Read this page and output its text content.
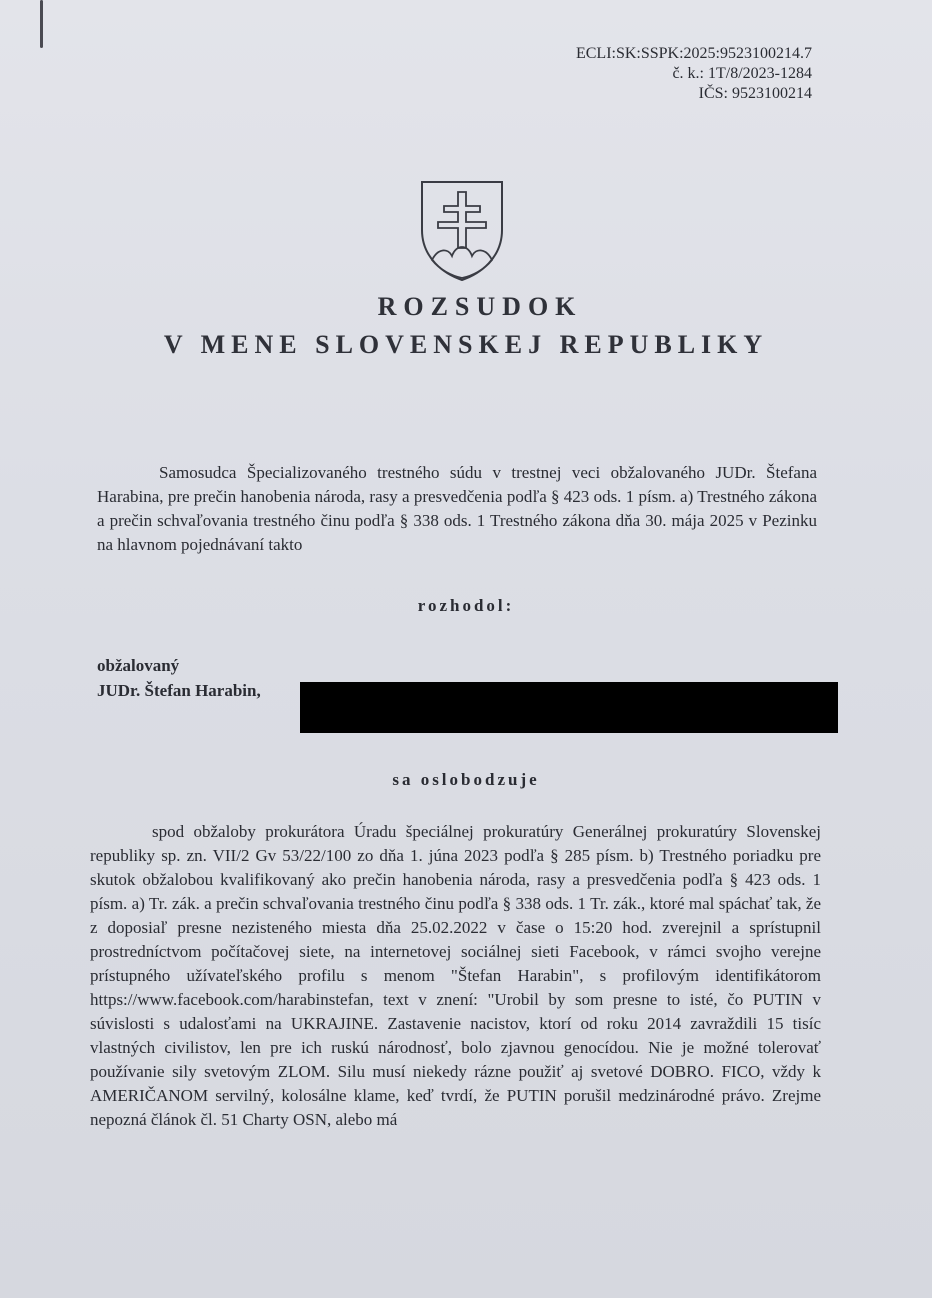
ECLI:SK:SSPK:2025:9523100214.7
č. k.: 1T/8/2023-1284
IČS: 9523100214
ROZSUDOK
V MENE SLOVENSKEJ REPUBLIKY
Samosudca Špecializovaného trestného súdu v trestnej veci obžalovaného JUDr. Štefana Harabina, pre prečin hanobenia národa, rasy a presvedčenia podľa § 423 ods. 1 písm. a) Trestného zákona a prečin schvaľovania trestného činu podľa § 338 ods. 1 Trestného zákona dňa 30. mája 2025 v Pezinku na hlavnom pojednávaní takto
rozhodol:
obžalovaný
JUDr. Štefan Harabin,
sa oslobodzuje
spod obžaloby prokurátora Úradu špeciálnej prokuratúry Generálnej prokuratúry Slovenskej republiky sp. zn. VII/2 Gv 53/22/100 zo dňa 1. júna 2023 podľa § 285 písm. b) Trestného poriadku pre skutok obžalobou kvalifikovaný ako prečin hanobenia národa, rasy a presvedčenia podľa § 423 ods. 1 písm. a) Tr. zák. a prečin schvaľovania trestného činu podľa § 338 ods. 1 Tr. zák., ktoré mal spáchať tak, že z doposiaľ presne nezisteného miesta dňa 25.02.2022 v čase o 15:20 hod. zverejnil a sprístupnil prostredníctvom počítačovej siete, na internetovej sociálnej sieti Facebook, v rámci svojho verejne prístupného užívateľského profilu s menom "Štefan Harabin", s profilovým identifikátorom https://www.facebook.com/harabinstefan, text v znení: "Urobil by som presne to isté, čo PUTIN v súvislosti s udalosťami na UKRAJINE. Zastavenie nacistov, ktorí od roku 2014 zavraždili 15 tisíc vlastných civilistov, len pre ich ruskú národnosť, bolo zjavnou genocídou. Nie je možné tolerovať používanie sily svetovým ZLOM. Silu musí niekedy rázne použiť aj svetové DOBRO. FICO, vždy k AMERIČANOM servilný, kolosálne klame, keď tvrdí, že PUTIN porušil medzinárodné právo. Zrejme nepozná článok čl. 51 Charty OSN, alebo má
